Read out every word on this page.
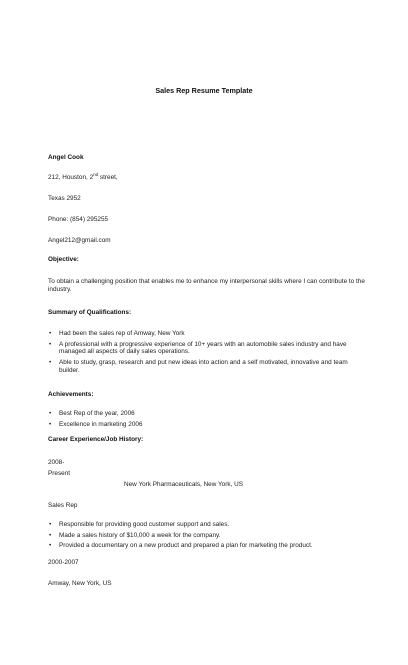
Sales Rep Resume Template
Angel Cook
212, Houston, 2nd street,
Texas 2952
Phone: (854) 295255
Angel212@gmail.com
Objective:
To obtain a challenging position that enables me to enhance my interpersonal skills where I can contribute to the industry.
Summary of Qualifications:
• Had been the sales rep of Amway, New York
• A professional with a progressive experience of 10+ years with an automobile sales industry and have managed all aspects of daily sales operations.
• Able to study, grasp, research and put new ideas into action and a self motivated, innovative and team builder.
Achievements:
• Best Rep of the year, 2006
• Excellence in marketing 2006
Career Experience/Job History:
2008-
Present
New York Pharmaceuticals, New York, US
Sales Rep
• Responsible for providing good customer support and sales.
• Made a sales history of $10,000 a week for the company.
• Provided a documentary on a new product and prepared a plan for marketing the product.
2000-2007
Amway, New York, US
